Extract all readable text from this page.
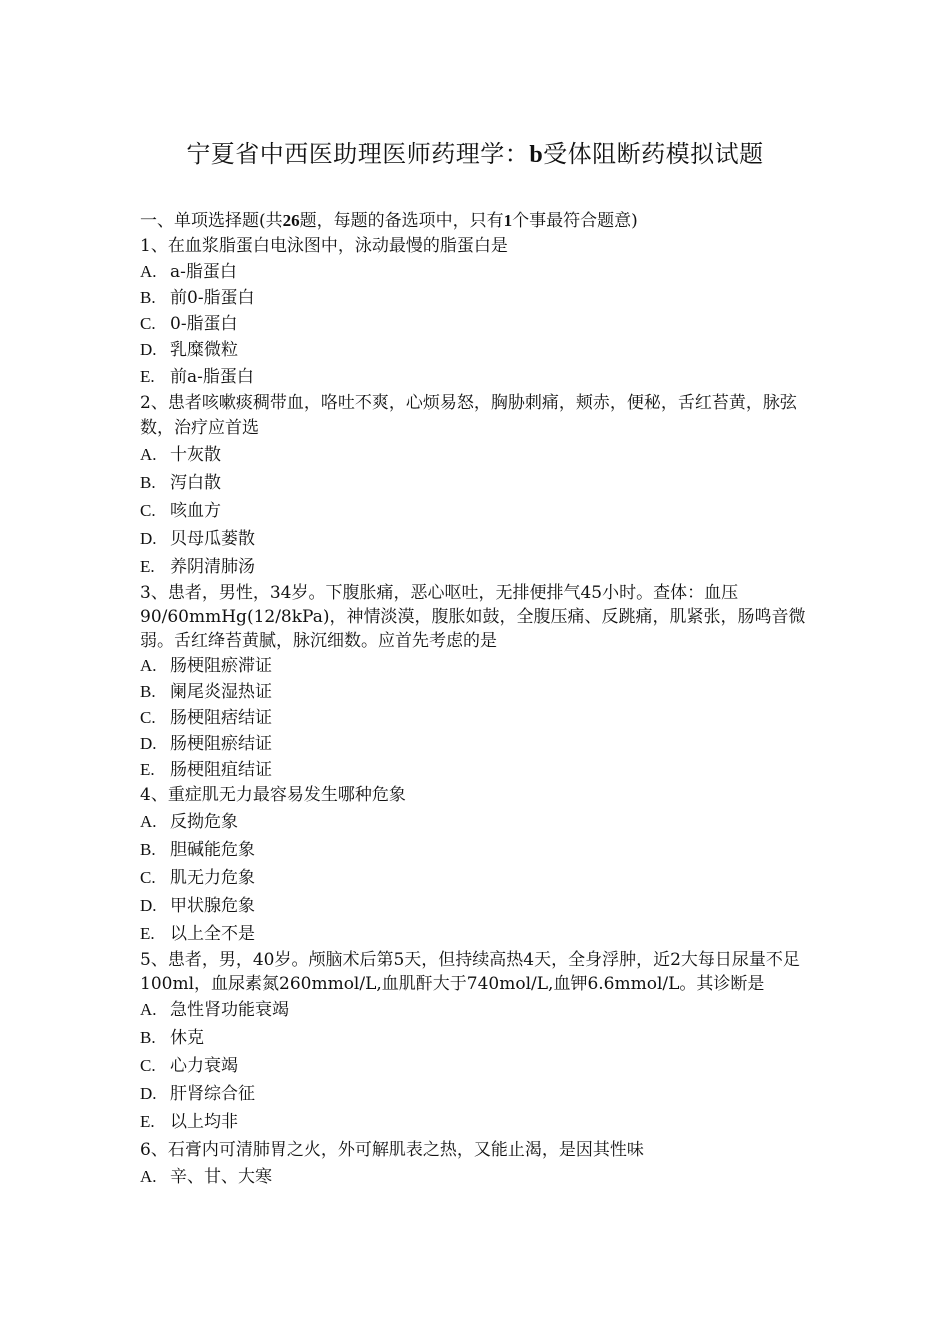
宁夏省中西医助理医师药理学：b受体阻断药模拟试题
一、单项选择题(共26题，每题的备选项中，只有1个事最符合题意)
1、在血浆脂蛋白电泳图中，泳动最慢的脂蛋白是
A. a-脂蛋白
B. 前0-脂蛋白
C. 0-脂蛋白
D. 乳糜微粒
E. 前a-脂蛋白
2、患者咳嗽痰稠带血，咯吐不爽，心烦易怒，胸胁刺痛，颊赤，便秘，舌红苔黄，脉弦数，治疗应首选
A. 十灰散
B. 泻白散
C. 咳血方
D. 贝母瓜蒌散
E. 养阴清肺汤
3、患者，男性，34岁。下腹胀痛，恶心呕吐，无排便排气45小时。查体：血压90/60mmHg(12/8kPa)，神情淡漠，腹胀如鼓，全腹压痛、反跳痛，肌紧张，肠鸣音微弱。舌红绛苔黄腻，脉沉细数。应首先考虑的是
A. 肠梗阻瘀滞证
B. 阑尾炎湿热证
C. 肠梗阻痞结证
D. 肠梗阻瘀结证
E. 肠梗阻疽结证
4、重症肌无力最容易发生哪种危象
A. 反拗危象
B. 胆碱能危象
C. 肌无力危象
D. 甲状腺危象
E. 以上全不是
5、患者，男，40岁。颅脑术后第5天，但持续高热4天，全身浮肿，近2大每日尿量不足100ml，血尿素氮260mmol/L,血肌酐大于740mol/L,血钾6.6mmol/L。其诊断是
A. 急性肾功能衰竭
B. 休克
C. 心力衰竭
D. 肝肾综合征
E. 以上均非
6、石膏内可清肺胃之火，外可解肌表之热，又能止渴，是因其性味
A. 辛、甘、大寒
